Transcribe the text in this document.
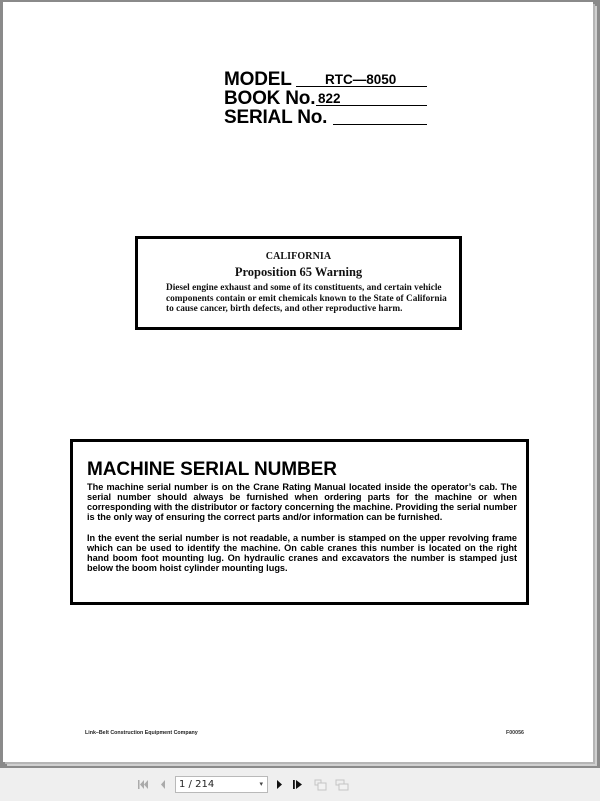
MODEL RTC—8050
BOOK No. 822
SERIAL No.
CALIFORNIA
Proposition 65 Warning
Diesel engine exhaust and some of its constituents, and certain vehicle components contain or emit chemicals known to the State of California to cause cancer, birth defects, and other reproductive harm.
MACHINE SERIAL NUMBER
The machine serial number is on the Crane Rating Manual located inside the operator’s cab. The serial number should always be furnished when ordering parts for the machine or when corresponding with the distributor or factory concerning the machine. Providing the serial number is the only way of ensuring the correct parts and/or information can be furnished.
In the event the serial number is not readable, a number is stamped on the upper revolving frame which can be used to identify the machine. On cable cranes this number is located on the right hand boom foot mounting lug. On hydraulic cranes and excavators the number is stamped just below the boom hoist cylinder mounting lugs.
Link–Belt Construction Equipment Company	F00056
1 / 214	▾
